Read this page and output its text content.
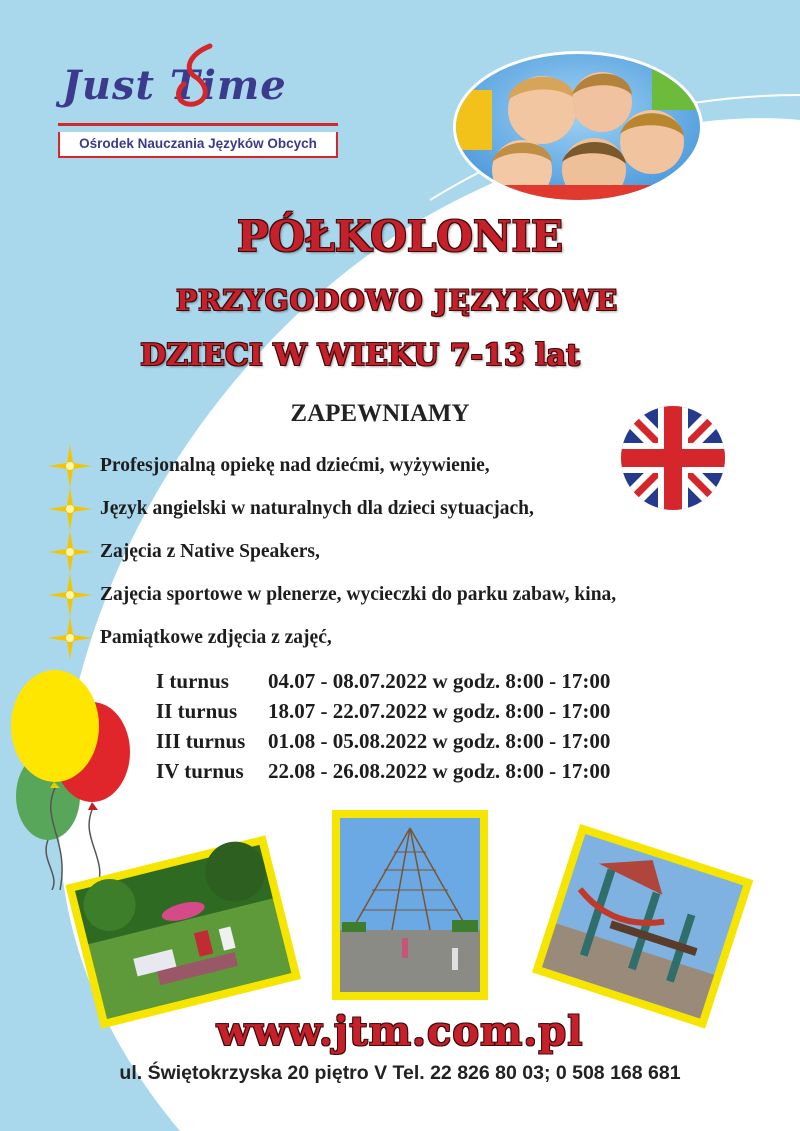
Just Time
Ośrodek Nauczania Języków Obcych
PÓŁKOLONIE
PRZYGODOWO JĘZYKOWE
DZIECI W WIEKU 7-13 lat
ZAPEWNIAMY
Profesjonalną opiekę nad dziećmi, wyżywienie,
Język angielski w naturalnych dla dzieci sytuacjach,
Zajęcia z Native Speakers,
Zajęcia sportowe w plenerze, wycieczki do parku zabaw, kina,
Pamiątkowe zdjęcia z zajęć,
I turnus 04.07 - 08.07.2022 w godz. 8:00 - 17:00
II turnus 18.07 - 22.07.2022 w godz. 8:00 - 17:00
III turnus 01.08 - 05.08.2022 w godz. 8:00 - 17:00
IV turnus 22.08 - 26.08.2022 w godz. 8:00 - 17:00
www.jtm.com.pl
ul. Świętokrzyska 20 piętro V Tel. 22 826 80 03; 0 508 168 681
